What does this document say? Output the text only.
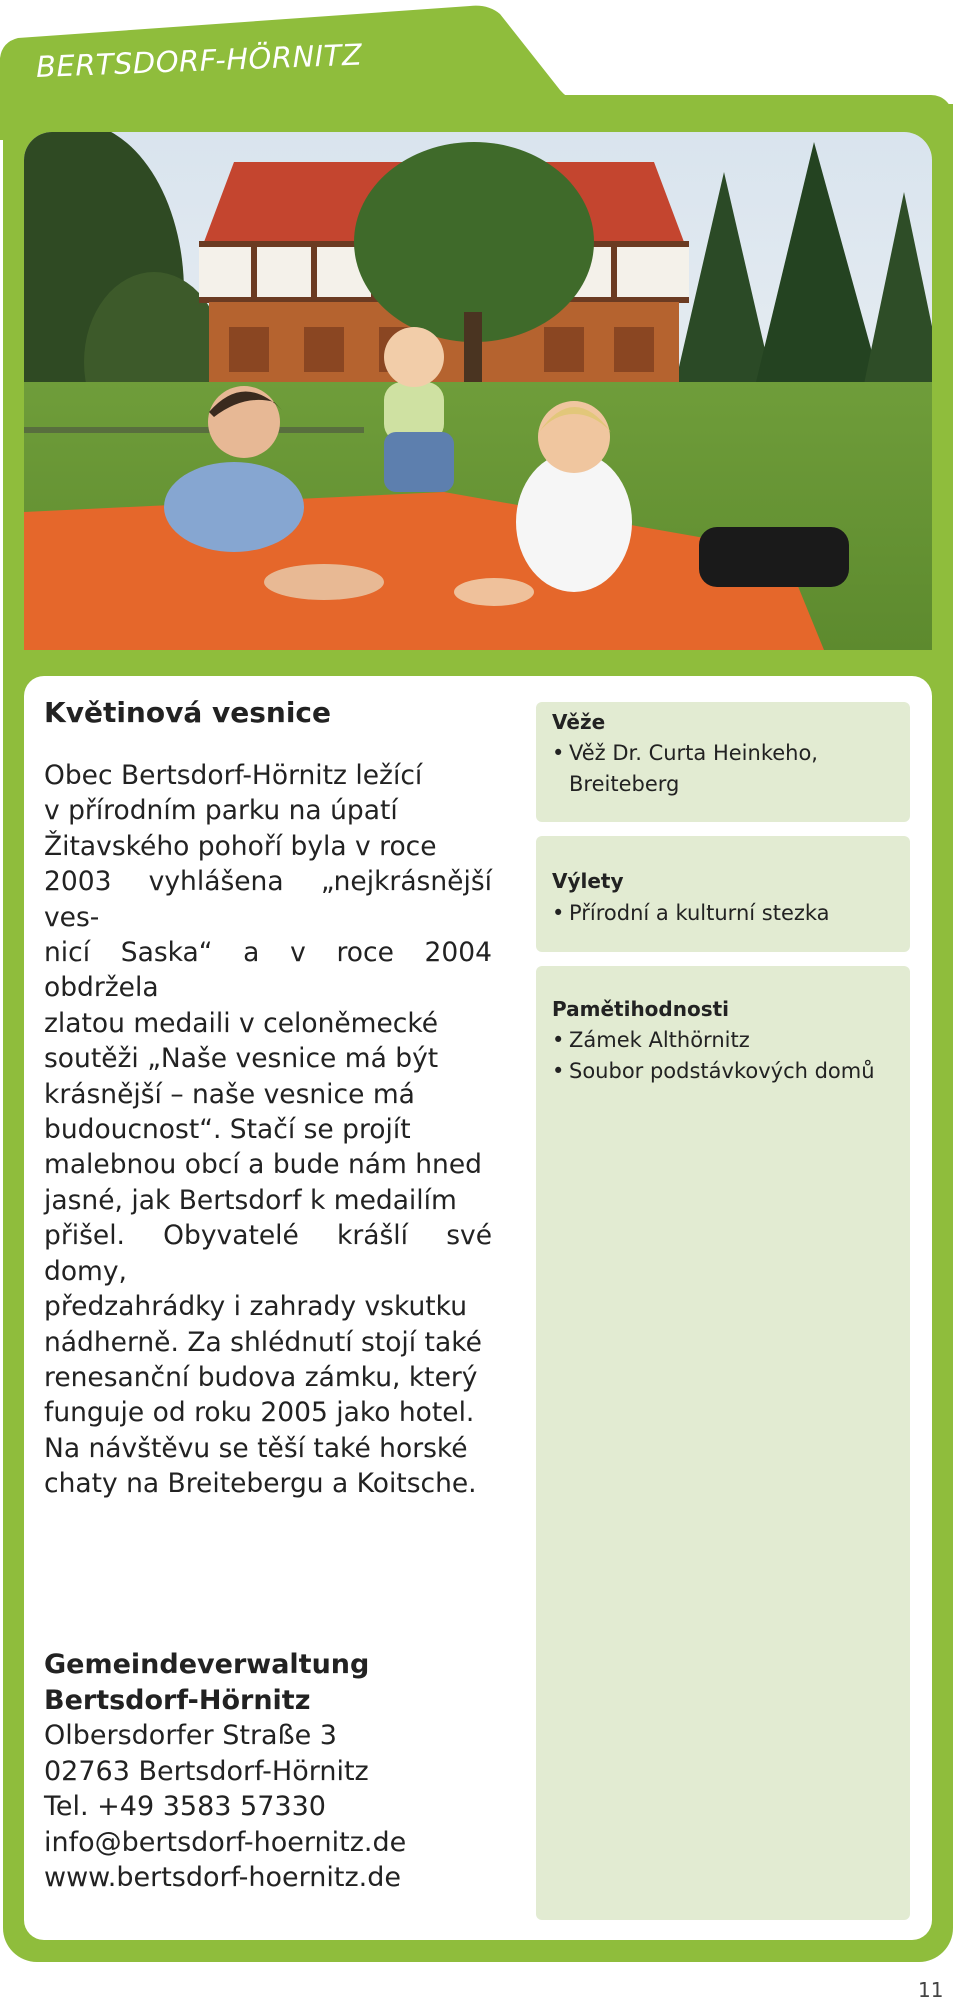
BERTSDORF-HÖRNITZ
Květinová vesnice
Obec Bertsdorf-Hörnitz ležící
v přírodním parku na úpatí
Žitavského pohoří byla v roce
2003 vyhlášena „nejkrásnější ves-
nicí Saska“ a v roce 2004 obdržela
zlatou medaili v celoněmecké
soutěži „Naše vesnice má být
krásnější – naše vesnice má
budoucnost“. Stačí se projít
malebnou obcí a bude nám hned
jasné, jak Bertsdorf k medailím
přišel. Obyvatelé krášlí své domy,
předzahrádky i zahrady vskutku
nádherně. Za shlédnutí stojí také
renesanční budova zámku, který
funguje od roku 2005 jako hotel.
Na návštěvu se těší také horské
chaty na Breitebergu a Koitsche.
Věže
• Věž Dr. Curta Heinkeho,
Breiteberg
Výlety
• Přírodní a kulturní stezka
Pamětihodnosti
• Zámek Althörnitz
• Soubor podstávkových domů
Gemeindeverwaltung
Bertsdorf-Hörnitz
Olbersdorfer Straße 3
02763 Bertsdorf-Hörnitz
Tel. +49 3583 57330
info@bertsdorf-hoernitz.de
www.bertsdorf-hoernitz.de
11
